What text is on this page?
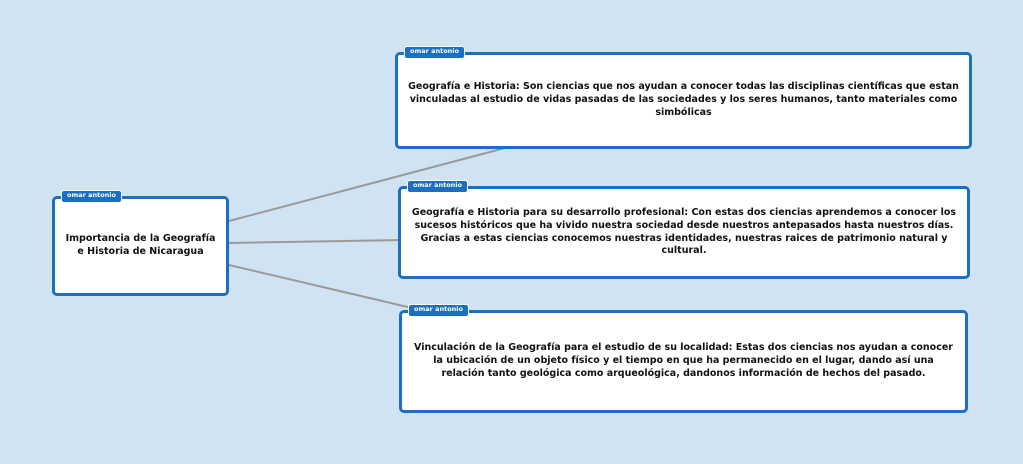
omar antonio
Importancia de la Geografía e Historia de Nicaragua
omar antonio
Geografía e Historia: Son ciencias que nos ayudan a conocer todas las disciplinas científicas que estan vinculadas al estudio de vidas pasadas de las sociedades y los seres humanos, tanto materiales como simbólicas
omar antonio
Geografía e Historia para su desarrollo profesional: Con estas dos ciencias aprendemos a conocer los sucesos históricos que ha vivido nuestra sociedad desde nuestros antepasados hasta nuestros días. Gracias a estas ciencias conocemos nuestras identidades, nuestras raices de patrimonio natural y cultural.
omar antonio
Vinculación de la Geografía para el estudio de su localidad: Estas dos ciencias nos ayudan a conocer la ubicación de un objeto físico y el tiempo en que ha permanecido en el lugar, dando así una relación tanto geológica como arqueológica, dandonos información de hechos del pasado.
